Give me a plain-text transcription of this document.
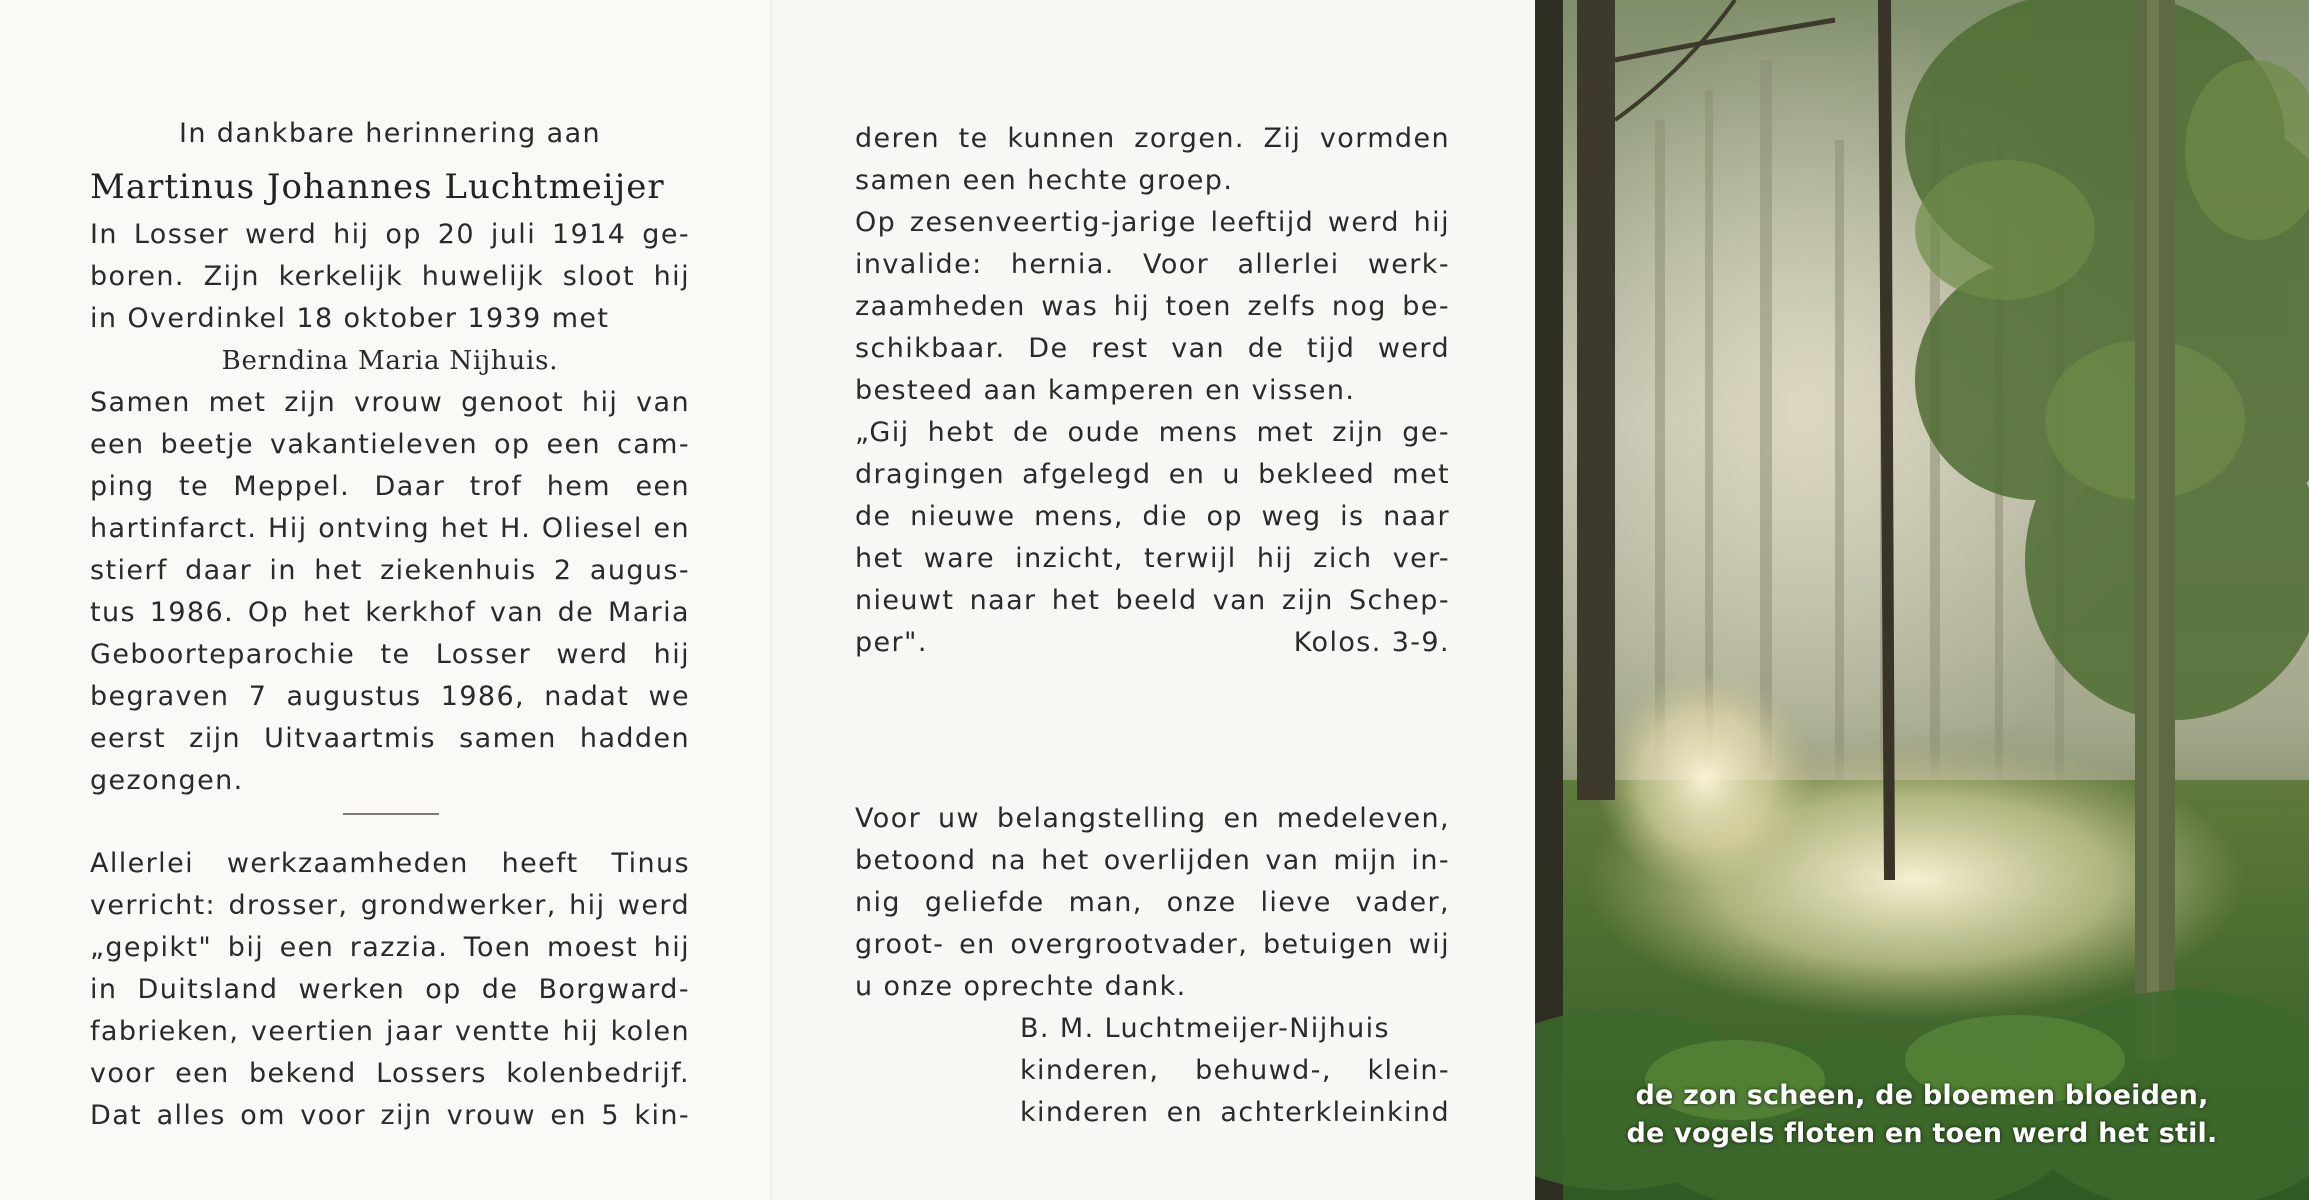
In dankbare herinnering aan
Martinus Johannes Luchtmeijer
In Losser werd hij op 20 juli 1914 ge-
boren. Zijn kerkelijk huwelijk sloot hij
in Overdinkel 18 oktober 1939 met
Berndina Maria Nijhuis.
Samen met zijn vrouw genoot hij van
een beetje vakantieleven op een cam-
ping te Meppel. Daar trof hem een
hartinfarct. Hij ontving het H. Oliesel en
stierf daar in het ziekenhuis 2 augus-
tus 1986. Op het kerkhof van de Maria
Geboorteparochie te Losser werd hij
begraven 7 augustus 1986, nadat we
eerst zijn Uitvaartmis samen hadden
gezongen.
Allerlei werkzaamheden heeft Tinus
verricht: drosser, grondwerker, hij werd
„gepikt" bij een razzia. Toen moest hij
in Duitsland werken op de Borgward-
fabrieken, veertien jaar ventte hij kolen
voor een bekend Lossers kolenbedrijf.
Dat alles om voor zijn vrouw en 5 kin-
deren te kunnen zorgen. Zij vormden
samen een hechte groep.
Op zesenveertig-jarige leeftijd werd hij
invalide: hernia. Voor allerlei werk-
zaamheden was hij toen zelfs nog be-
schikbaar. De rest van de tijd werd
besteed aan kamperen en vissen.
„Gij hebt de oude mens met zijn ge-
dragingen afgelegd en u bekleed met
de nieuwe mens, die op weg is naar
het ware inzicht, terwijl hij zich ver-
nieuwt naar het beeld van zijn Schep-
per".	Kolos. 3-9.
Voor uw belangstelling en medeleven,
betoond na het overlijden van mijn in-
nig geliefde man, onze lieve vader,
groot- en overgrootvader, betuigen wij
u onze oprechte dank.
B. M. Luchtmeijer-Nijhuis
kinderen, behuwd-, klein-
kinderen en achterkleinkind
de zon scheen, de bloemen bloeiden,
de vogels floten en toen werd het stil.
